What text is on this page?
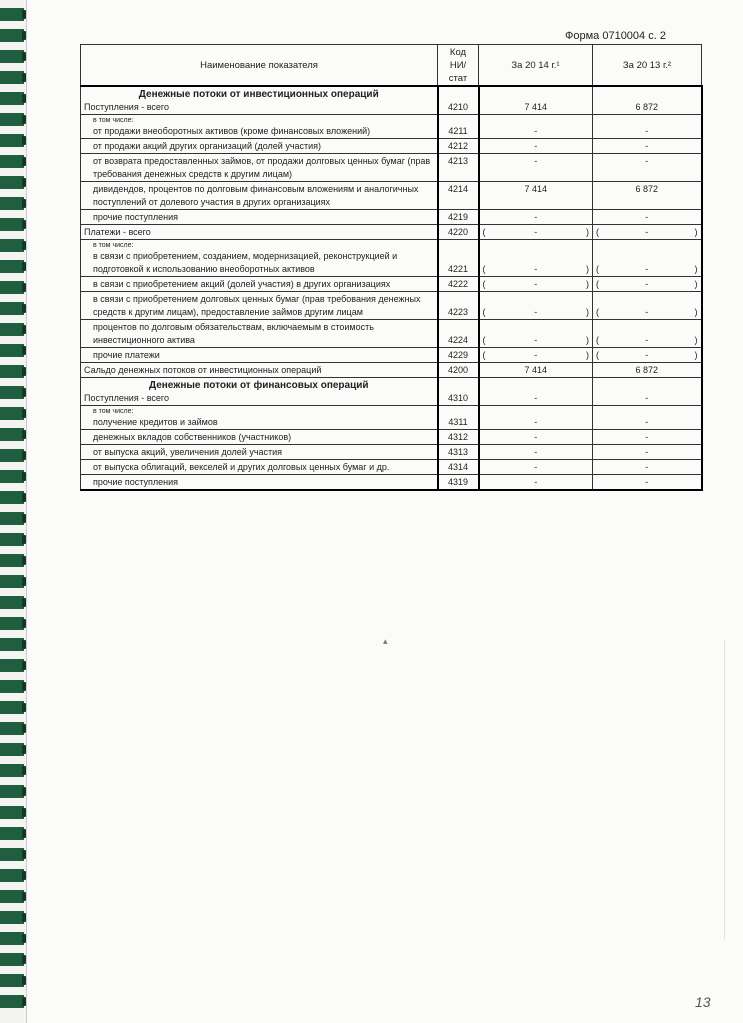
Форма 0710004 с. 2
Наименование показателя	Код НИ/ стат	За 20 14 г.¹	За 20 13 г.²

Денежные потоки от инвестиционных операций
Поступления - всего	4210	7 414	6 872

в том числе:
от продажи внеоборотных активов (кроме финансовых вложений)	4211	-	-

от продажи акций других организаций (долей участия)	4212	-	-

от возврата предоставленных займов, от продажи долговых ценных бумаг (прав требования денежных средств к другим лицам)	4213	-	-

дивидендов, процентов по долговым финансовым вложениям и аналогичных поступлений от долевого участия в других организациях	4214	7 414	6 872

прочие поступления	4219	-	-
Платежи - всего	4220	( - )	( - )

в том числе:
в связи с приобретением, созданием, модернизацией, реконструкцией и подготовкой к использованию внеоборотных активов	4221	( - )	( - )

в связи с приобретением акций (долей участия) в других организациях	4222	( - )	( - )

в связи с приобретением долговых ценных бумаг (прав требования денежных средств к другим лицам), предоставление займов другим лицам	4223	( - )	( - )

процентов по долговым обязательствам, включаемым в стоимость инвестиционного актива	4224	( - )	( - )

прочие платежи	4229	( - )	( - )

Сальдо денежных потоков от инвестиционных операций	4200	7 414	6 872

Денежные потоки от финансовых операций
Поступления - всего	4310	-	-

в том числе:
получение кредитов и займов	4311	-	-

денежных вкладов собственников (участников)	4312	-	-

от выпуска акций, увеличения долей участия	4313	-	-

от выпуска облигаций, векселей и других долговых ценных бумаг и др.	4314	-	-

прочие поступления	4319	-	-
▴
13
